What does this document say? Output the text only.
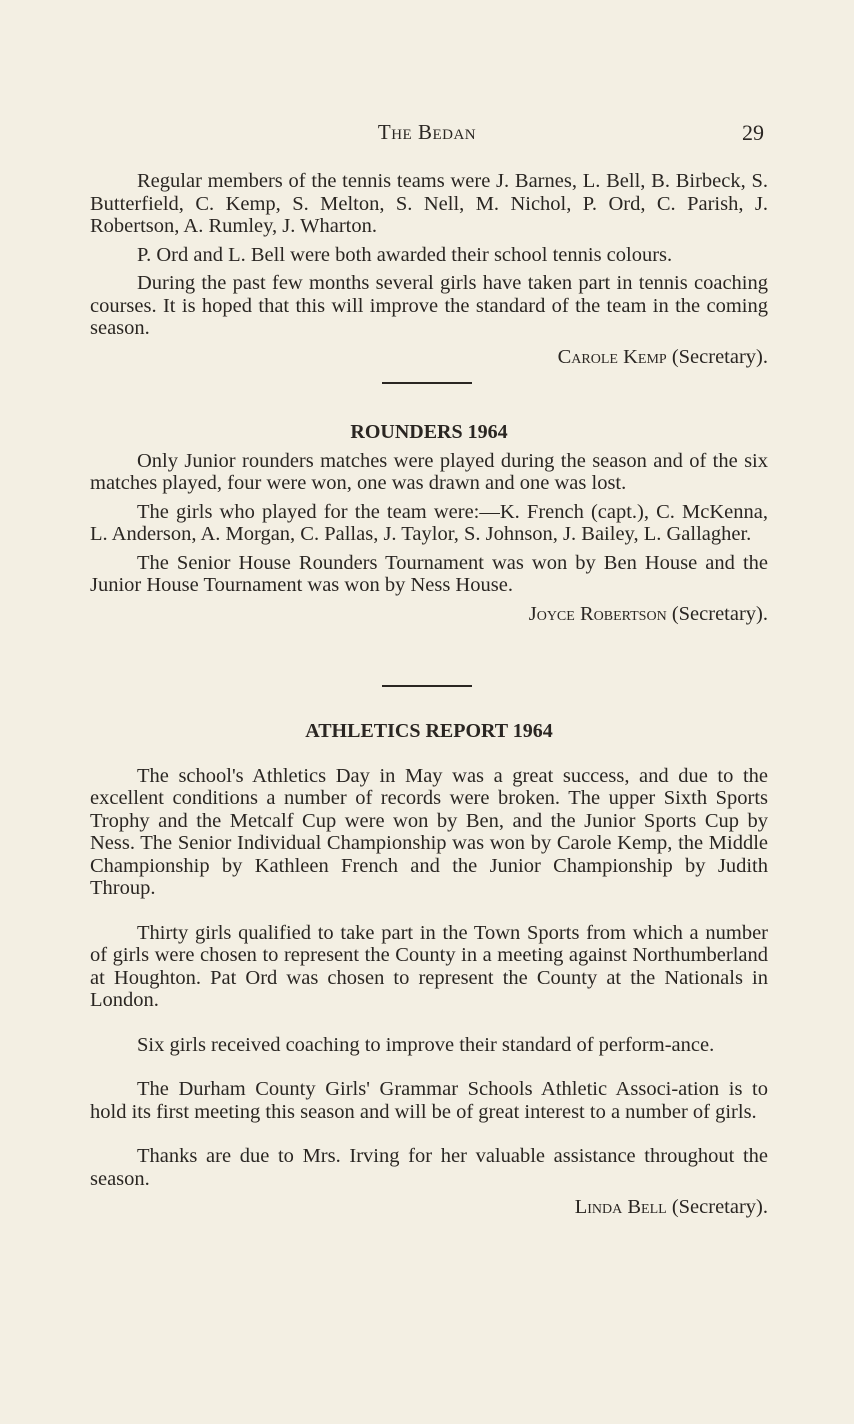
The Bedan	29

Regular members of the tennis teams were J. Barnes, L. Bell, B. Birbeck, S. Butterfield, C. Kemp, S. Melton, S. Nell, M. Nichol, P. Ord, C. Parish, J. Robertson, A. Rumley, J. Wharton.

P. Ord and L. Bell were both awarded their school tennis colours.

During the past few months several girls have taken part in tennis coaching courses. It is hoped that this will improve the standard of the team in the coming season.

Carole Kemp (Secretary).

ROUNDERS 1964

Only Junior rounders matches were played during the season and of the six matches played, four were won, one was drawn and one was lost.

The girls who played for the team were:—K. French (capt.), C. McKenna, L. Anderson, A. Morgan, C. Pallas, J. Taylor, S. Johnson, J. Bailey, L. Gallagher.

The Senior House Rounders Tournament was won by Ben House and the Junior House Tournament was won by Ness House.

Joyce Robertson (Secretary).

ATHLETICS REPORT 1964

The school's Athletics Day in May was a great success, and due to the excellent conditions a number of records were broken. The upper Sixth Sports Trophy and the Metcalf Cup were won by Ben, and the Junior Sports Cup by Ness. The Senior Individual Championship was won by Carole Kemp, the Middle Championship by Kathleen French and the Junior Championship by Judith Throup.

Thirty girls qualified to take part in the Town Sports from which a number of girls were chosen to represent the County in a meeting against Northumberland at Houghton. Pat Ord was chosen to represent the County at the Nationals in London.

Six girls received coaching to improve their standard of perform-ance.

The Durham County Girls' Grammar Schools Athletic Associ-ation is to hold its first meeting this season and will be of great interest to a number of girls.

Thanks are due to Mrs. Irving for her valuable assistance throughout the season.

Linda Bell (Secretary).
